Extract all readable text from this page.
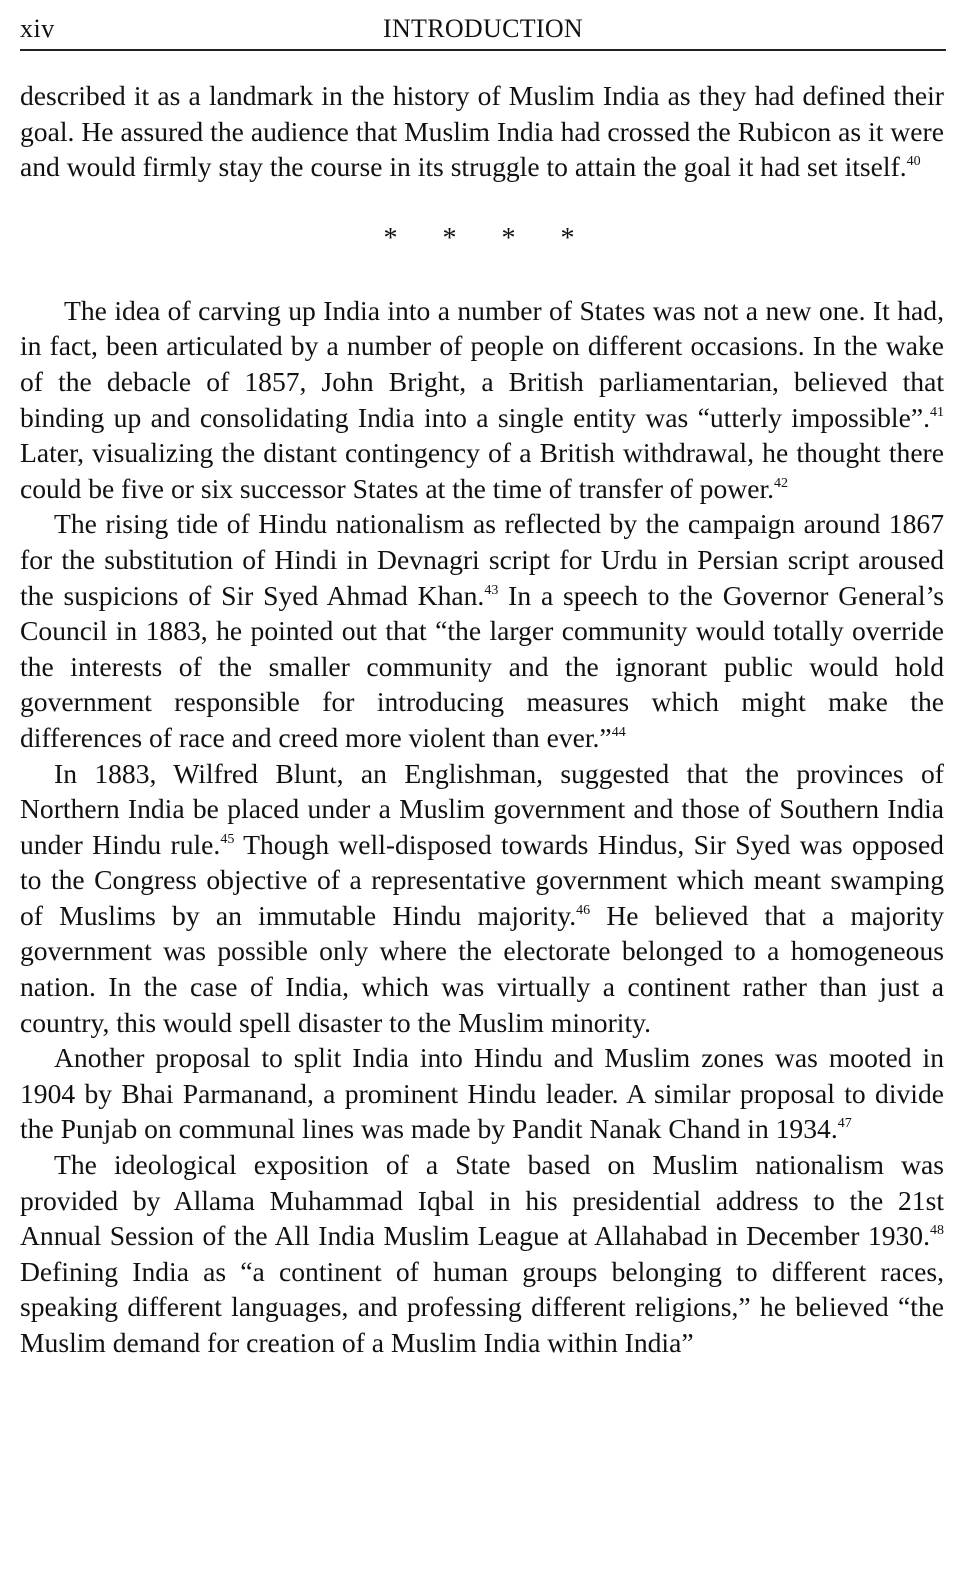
xiv	INTRODUCTION

described it as a landmark in the history of Muslim India as they had defined their goal. He assured the audience that Muslim India had crossed the Rubicon as it were and would firmly stay the course in its struggle to attain the goal it had set itself.$^{40}$

* * * *

The idea of carving up India into a number of States was not a new one. It had, in fact, been articulated by a number of people on different occasions. In the wake of the debacle of 1857, John Bright, a British parliamentarian, believed that binding up and consolidating India into a single entity was “utterly impossible”.$^{41}$ Later, visualizing the distant contingency of a British withdrawal, he thought there could be five or six successor States at the time of transfer of power.$^{42}$

The rising tide of Hindu nationalism as reflected by the campaign around 1867 for the substitution of Hindi in Devnagri script for Urdu in Persian script aroused the suspicions of Sir Syed Ahmad Khan.$^{43}$ In a speech to the Governor General’s Council in 1883, he pointed out that “the larger community would totally override the interests of the smaller community and the ignorant public would hold government responsible for introducing measures which might make the differences of race and creed more violent than ever.”$^{44}$

In 1883, Wilfred Blunt, an Englishman, suggested that the provinces of Northern India be placed under a Muslim government and those of Southern India under Hindu rule.$^{45}$ Though well-disposed towards Hindus, Sir Syed was opposed to the Congress objective of a representative government which meant swamping of Muslims by an immutable Hindu majority.$^{46}$ He believed that a majority government was possible only where the electorate belonged to a homogeneous nation. In the case of India, which was virtually a continent rather than just a country, this would spell disaster to the Muslim minority.

Another proposal to split India into Hindu and Muslim zones was mooted in 1904 by Bhai Parmanand, a prominent Hindu leader. A similar proposal to divide the Punjab on communal lines was made by Pandit Nanak Chand in 1934.47

The ideological exposition of a State based on Muslim nationalism was provided by Allama Muhammad Iqbal in his presidential address to the 21st Annual Session of the All India Muslim League at Allahabad in December 1930.48 Defining India as “a continent of human groups belonging to different races, speaking different languages, and professing different religions,” he believed “the Muslim demand for creation of a Muslim India within India”
